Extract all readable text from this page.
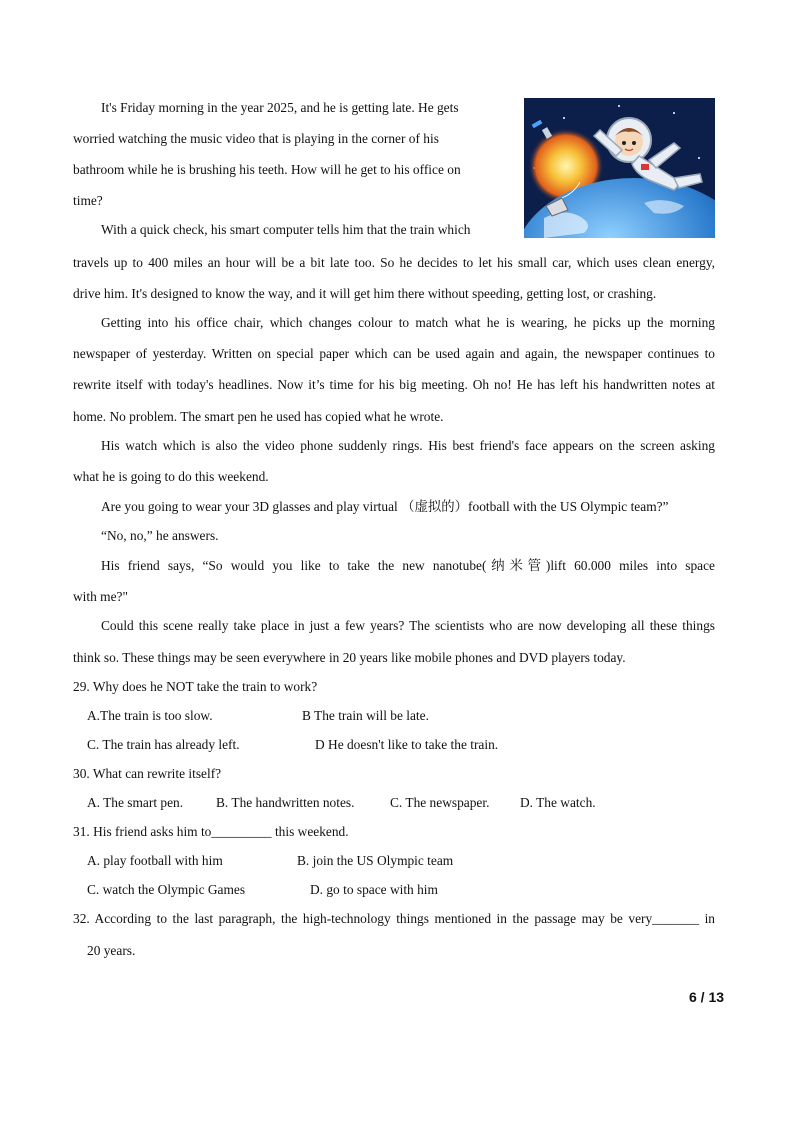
It's Friday morning in the year 2025, and he is getting late. He gets
worried watching the music video that is playing in the corner of his
bathroom while he is brushing his teeth. How will he get to his office on
time?
With a quick check, his smart computer tells him that the train which
travels up to 400 miles an hour will be a bit late too. So he decides to let his small car, which uses clean energy,
drive him. It's designed to know the way, and it will get him there without speeding, getting lost, or crashing.
Getting into his office chair, which changes colour to match what he is wearing, he picks up the morning
newspaper of yesterday. Written on special paper which can be used again and again, the newspaper continues to
rewrite itself with today's headlines. Now it’s time for his big meeting. Oh no! He has left his handwritten notes at
home. No problem. The smart pen he used has copied what he wrote.
His watch which is also the video phone suddenly rings. His best friend's face appears on the screen asking
what he is going to do this weekend.
Are you going to wear your 3D glasses and play virtual （虚拟的）football with the US Olympic team?”
“No, no,” he answers.
His friend says, “So would you like to take the new nanotube(纳米管)lift 60.000 miles into space
with me?"
Could this scene really take place in just a few years? The scientists who are now developing all these things
think so. These things may be seen everywhere in 20 years like mobile phones and DVD players today.
29. Why does he NOT take the train to work?
A.The train is too slow.	B The train will be late.
C. The train has already left.	D He doesn't like to take the train.
30. What can rewrite itself?
A. The smart pen. B. The handwritten notes.	C. The newspaper. D. The watch.
31. His friend asks him to_________ this weekend.
A. play football with him	B. join the US Olympic team
C. watch the Olympic Games	D. go to space with him
32. According to the last paragraph, the high-technology things mentioned in the passage may be very_______ in
20 years.
6 / 13
